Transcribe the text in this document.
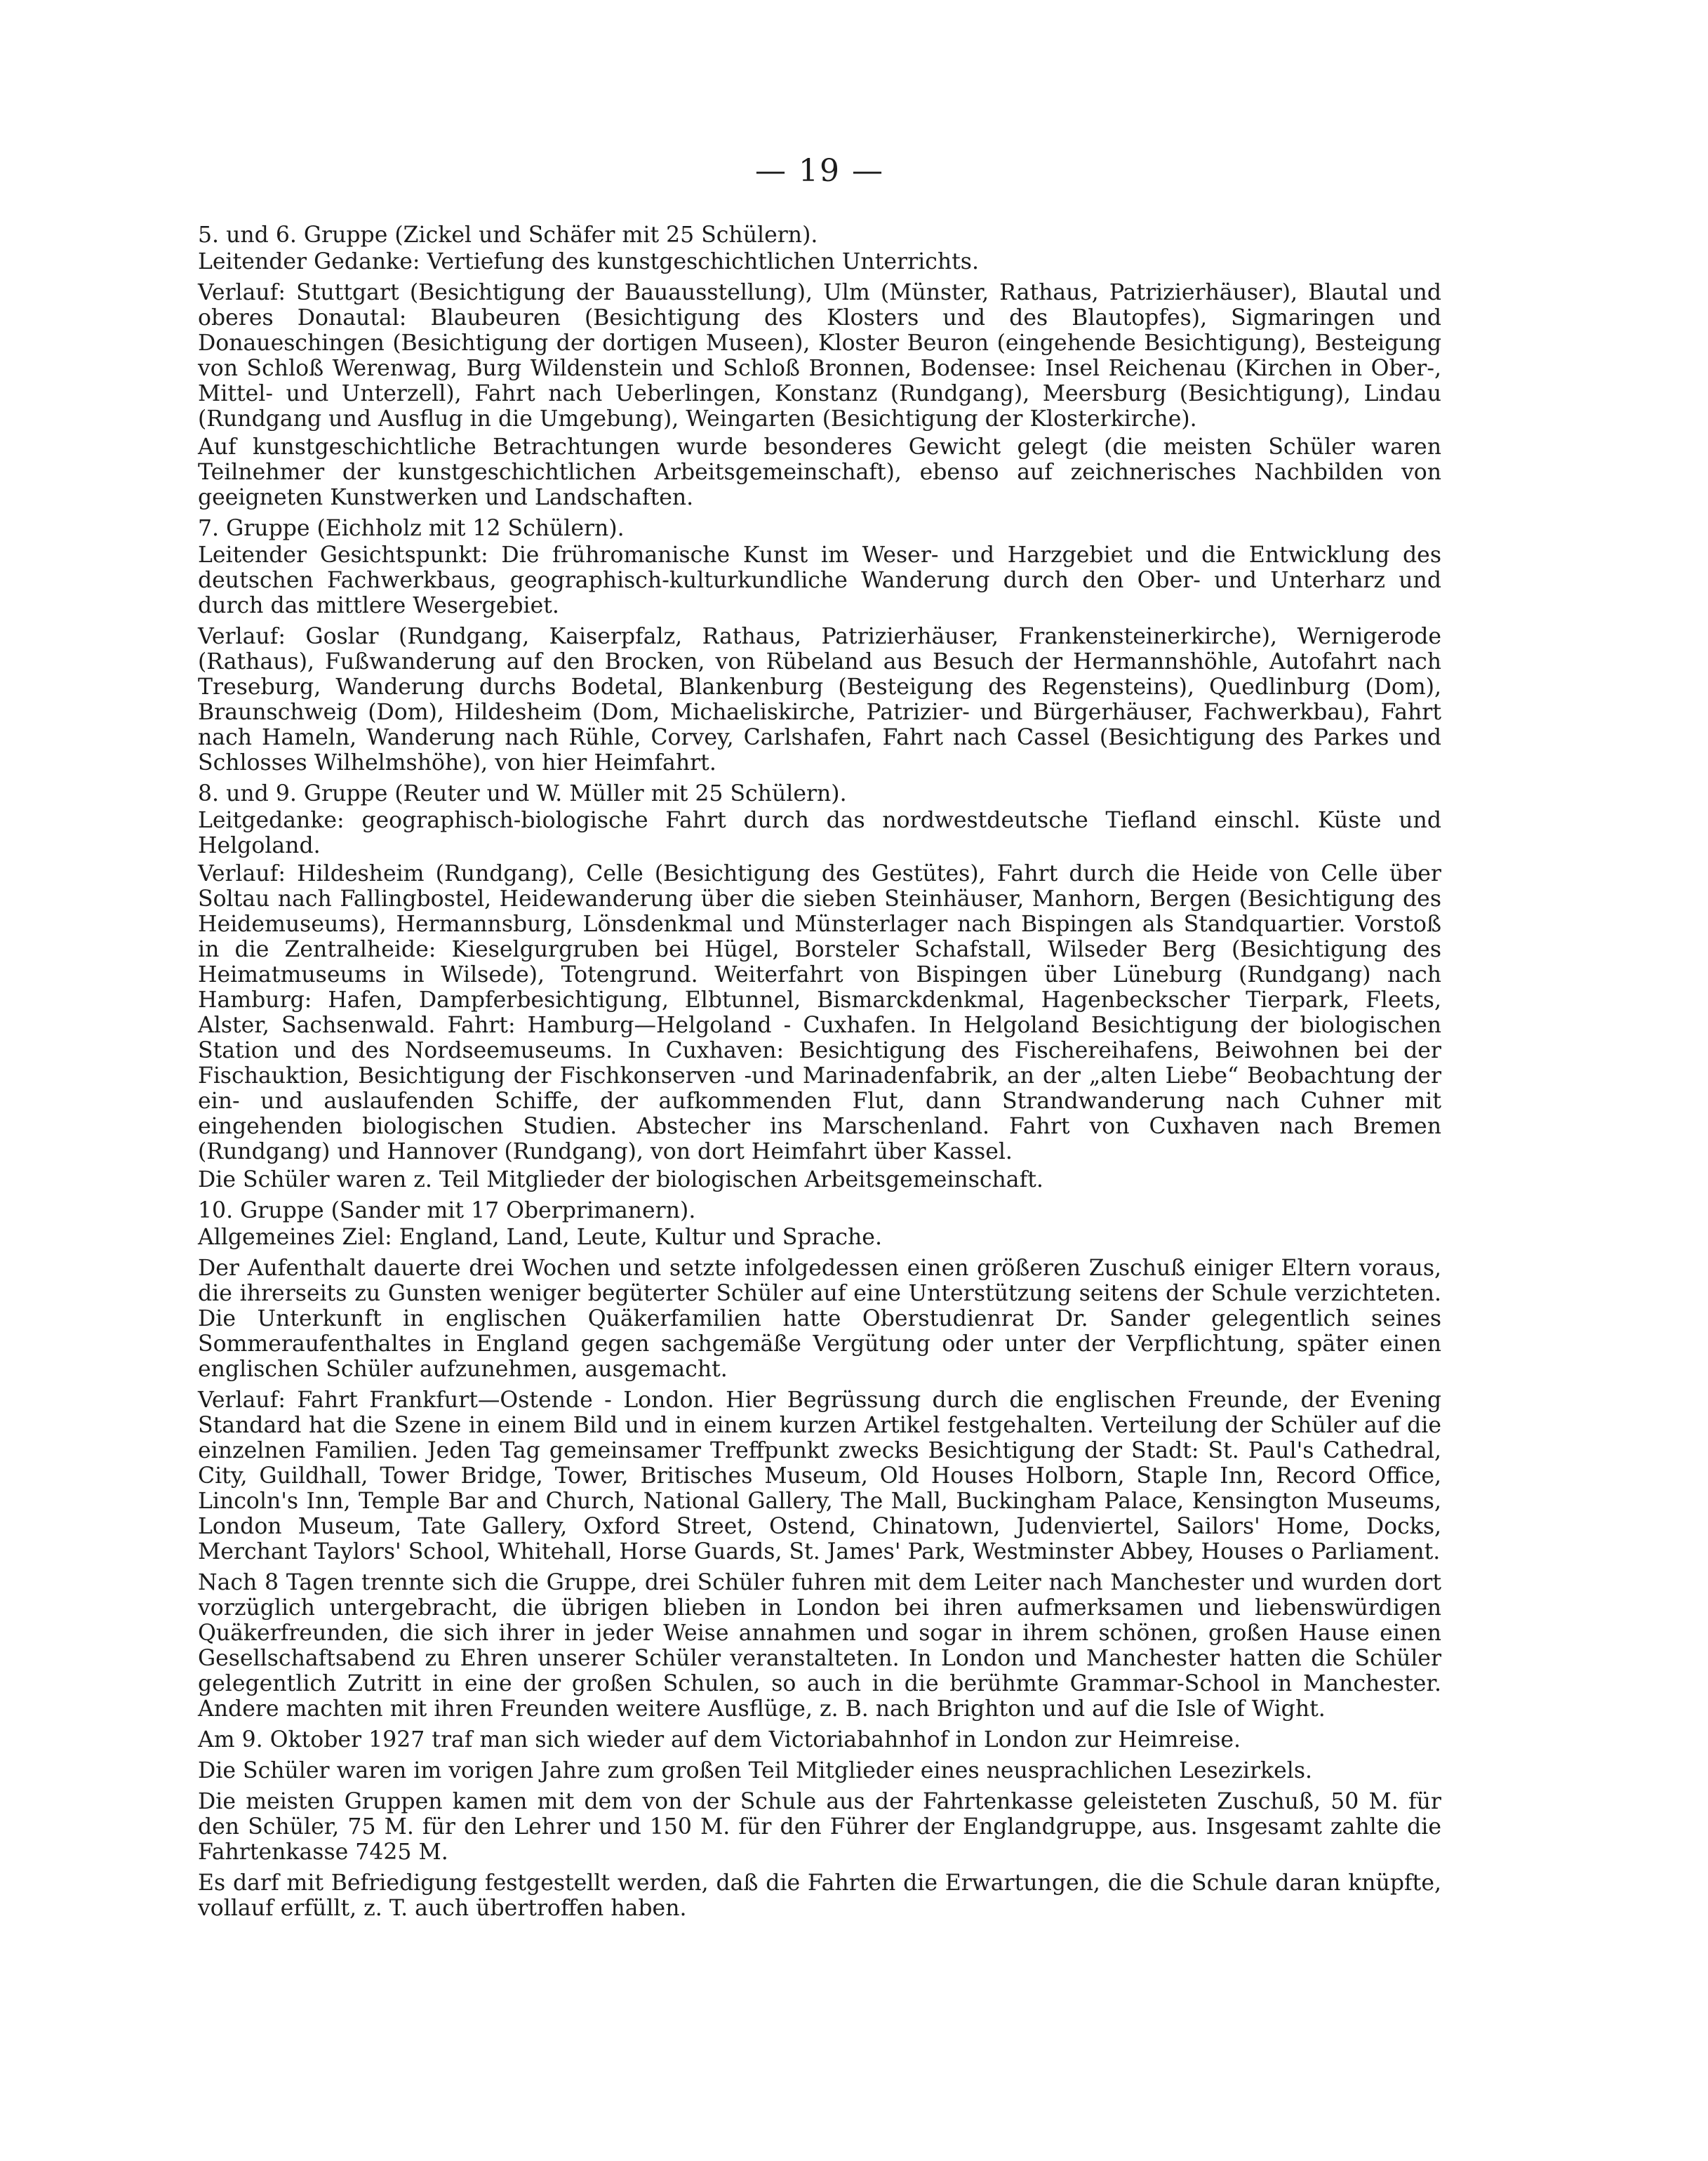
— 19 —

5. und 6. Gruppe (Zickel und Schäfer mit 25 Schülern).

Leitender Gedanke: Vertiefung des kunstgeschichtlichen Unterrichts.

Verlauf: Stuttgart (Besichtigung der Bauausstellung), Ulm (Münster, Rathaus, Patrizierhäuser), Blautal und oberes Donautal: Blaubeuren (Besichtigung des Klosters und des Blautopfes), Sigmaringen und Donaueschingen (Besichtigung der dortigen Museen), Kloster Beuron (eingehende Besichtigung), Besteigung von Schloß Werenwag, Burg Wildenstein und Schloß Bronnen, Bodensee: Insel Reichenau (Kirchen in Ober-, Mittel- und Unterzell), Fahrt nach Ueberlingen, Konstanz (Rundgang), Meersburg (Besichtigung), Lindau (Rundgang und Ausflug in die Umgebung), Weingarten (Besichtigung der Klosterkirche).

Auf kunstgeschichtliche Betrachtungen wurde besonderes Gewicht gelegt (die meisten Schüler waren Teilnehmer der kunstgeschichtlichen Arbeitsgemeinschaft), ebenso auf zeichnerisches Nachbilden von geeigneten Kunstwerken und Landschaften.

7. Gruppe (Eichholz mit 12 Schülern).

Leitender Gesichtspunkt: Die frühromanische Kunst im Weser- und Harzgebiet und die Entwicklung des deutschen Fachwerkbaus, geographisch-kulturkundliche Wanderung durch den Ober- und Unterharz und durch das mittlere Wesergebiet.

Verlauf: Goslar (Rundgang, Kaiserpfalz, Rathaus, Patrizierhäuser, Frankensteinerkirche), Wernigerode (Rathaus), Fußwanderung auf den Brocken, von Rübeland aus Besuch der Hermannshöhle, Autofahrt nach Treseburg, Wanderung durchs Bodetal, Blankenburg (Besteigung des Regensteins), Quedlinburg (Dom), Braunschweig (Dom), Hildesheim (Dom, Michaeliskirche, Patrizier- und Bürgerhäuser, Fachwerkbau), Fahrt nach Hameln, Wanderung nach Rühle, Corvey, Carlshafen, Fahrt nach Cassel (Besichtigung des Parkes und Schlosses Wilhelmshöhe), von hier Heimfahrt.

8. und 9. Gruppe (Reuter und W. Müller mit 25 Schülern).

Leitgedanke: geographisch-biologische Fahrt durch das nordwestdeutsche Tiefland einschl. Küste und Helgoland.

Verlauf: Hildesheim (Rundgang), Celle (Besichtigung des Gestütes), Fahrt durch die Heide von Celle über Soltau nach Fallingbostel, Heidewanderung über die sieben Steinhäuser, Manhorn, Bergen (Besichtigung des Heidemuseums), Hermannsburg, Lönsdenkmal und Münsterlager nach Bispingen als Standquartier. Vorstoß in die Zentralheide: Kieselgurgruben bei Hügel, Borsteler Schafstall, Wilseder Berg (Besichtigung des Heimatmuseums in Wilsede), Totengrund. Weiterfahrt von Bispingen über Lüneburg (Rundgang) nach Hamburg: Hafen, Dampferbesichtigung, Elbtunnel, Bismarckdenkmal, Hagenbeckscher Tierpark, Fleets, Alster, Sachsenwald. Fahrt: Hamburg—Helgoland - Cuxhafen. In Helgoland Besichtigung der biologischen Station und des Nordseemuseums. In Cuxhaven: Besichtigung des Fischereihafens, Beiwohnen bei der Fischauktion, Besichtigung der Fischkonserven -und Marinadenfabrik, an der „alten Liebe“ Beobachtung der ein- und auslaufenden Schiffe, der aufkommenden Flut, dann Strandwanderung nach Cuhner mit eingehenden biologischen Studien. Abstecher ins Marschenland. Fahrt von Cuxhaven nach Bremen (Rundgang) und Hannover (Rundgang), von dort Heimfahrt über Kassel.

Die Schüler waren z. Teil Mitglieder der biologischen Arbeitsgemeinschaft.

10. Gruppe (Sander mit 17 Oberprimanern).

Allgemeines Ziel: England, Land, Leute, Kultur und Sprache.

Der Aufenthalt dauerte drei Wochen und setzte infolgedessen einen größeren Zuschuß einiger Eltern voraus, die ihrerseits zu Gunsten weniger begüterter Schüler auf eine Unterstützung seitens der Schule verzichteten. Die Unterkunft in englischen Quäkerfamilien hatte Oberstudienrat Dr. Sander gelegentlich seines Sommeraufenthaltes in England gegen sachgemäße Vergütung oder unter der Verpflichtung, später einen englischen Schüler aufzunehmen, ausgemacht.

Verlauf: Fahrt Frankfurt—Ostende - London. Hier Begrüssung durch die englischen Freunde, der Evening Standard hat die Szene in einem Bild und in einem kurzen Artikel festgehalten. Verteilung der Schüler auf die einzelnen Familien. Jeden Tag gemeinsamer Treffpunkt zwecks Besichtigung der Stadt: St. Paul's Cathedral, City, Guildhall, Tower Bridge, Tower, Britisches Museum, Old Houses Holborn, Staple Inn, Record Office, Lincoln's Inn, Temple Bar and Church, National Gallery, The Mall, Buckingham Palace, Kensington Museums, London Museum, Tate Gallery, Oxford Street, Ostend, Chinatown, Judenviertel, Sailors' Home, Docks, Merchant Taylors' School, Whitehall, Horse Guards, St. James' Park, Westminster Abbey, Houses o Parliament.

Nach 8 Tagen trennte sich die Gruppe, drei Schüler fuhren mit dem Leiter nach Manchester und wurden dort vorzüglich untergebracht, die übrigen blieben in London bei ihren aufmerksamen und liebenswürdigen Quäkerfreunden, die sich ihrer in jeder Weise annahmen und sogar in ihrem schönen, großen Hause einen Gesellschaftsabend zu Ehren unserer Schüler veranstalteten. In London und Manchester hatten die Schüler gelegentlich Zutritt in eine der großen Schulen, so auch in die berühmte Grammar-School in Manchester. Andere machten mit ihren Freunden weitere Ausflüge, z. B. nach Brighton und auf die Isle of Wight.

Am 9. Oktober 1927 traf man sich wieder auf dem Victoriabahnhof in London zur Heimreise.

Die Schüler waren im vorigen Jahre zum großen Teil Mitglieder eines neusprachlichen Lesezirkels.

Die meisten Gruppen kamen mit dem von der Schule aus der Fahrtenkasse geleisteten Zuschuß, 50 M. für den Schüler, 75 M. für den Lehrer und 150 M. für den Führer der Englandgruppe, aus. Insgesamt zahlte die Fahrtenkasse 7425 M.

Es darf mit Befriedigung festgestellt werden, daß die Fahrten die Erwartungen, die die Schule daran knüpfte, vollauf erfüllt, z. T. auch übertroffen haben.
